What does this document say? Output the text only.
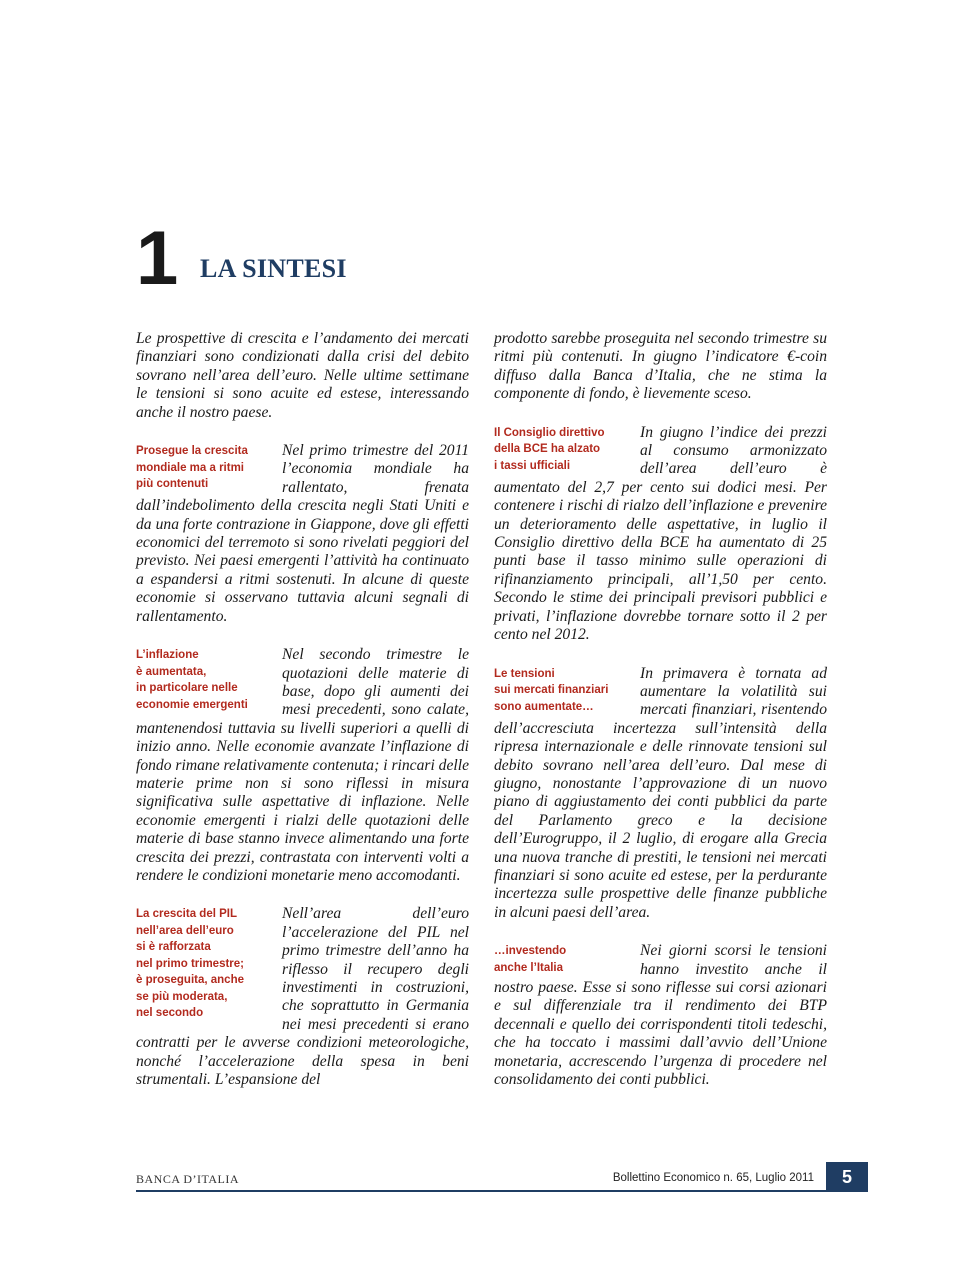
1 LA SINTESI

Le prospettive di crescita e l’andamento dei mercati finanziari sono condizionati dalla crisi del debito sovrano nell’area dell’euro. Nelle ultime settimane le tensioni si sono acuite ed estese, interessando anche il nostro paese.

Prosegue la crescita
mondiale ma a ritmi
più contenuti

Nel primo trimestre del 2011 l’economia mondiale ha rallentato, frenata dall’indebolimento della crescita negli Stati Uniti e da una forte contrazione in Giappone, dove gli effetti economici del terremoto si sono rivelati peggiori del previsto. Nei paesi emergenti l’attività ha continuato a espandersi a ritmi sostenuti. In alcune di queste economie si osservano tuttavia alcuni segnali di rallentamento.

L’inflazione
è aumentata,
in particolare nelle
economie emergenti

Nel secondo trimestre le quotazioni delle materie di base, dopo gli aumenti dei mesi precedenti, sono calate, mantenendosi tuttavia su livelli superiori a quelli di inizio anno. Nelle economie avanzate l’inflazione di fondo rimane relativamente contenuta; i rincari delle materie prime non si sono riflessi in misura significativa sulle aspettative di inflazione. Nelle economie emergenti i rialzi delle quotazioni delle materie di base stanno invece alimentando una forte crescita dei prezzi, contrastata con interventi volti a rendere le condizioni monetarie meno accomodanti.

La crescita del PIL
nell’area dell’euro
si è rafforzata
nel primo trimestre;
è proseguita, anche
se più moderata,
nel secondo

Nell’area dell’euro l’accelerazione del PIL nel primo trimestre dell’anno ha riflesso il recupero degli investimenti in costruzioni, che soprattutto in Germania nei mesi precedenti si erano contratti per le avverse condizioni meteorologiche, nonché l’accelerazione della spesa in beni strumentali. L’espansione del

prodotto sarebbe proseguita nel secondo trimestre su ritmi più contenuti. In giugno l’indicatore €-coin diffuso dalla Banca d’Italia, che ne stima la componente di fondo, è lievemente sceso.

Il Consiglio direttivo
della BCE ha alzato
i tassi ufficiali

In giugno l’indice dei prezzi al consumo armonizzato dell’area dell’euro è aumentato del 2,7 per cento sui dodici mesi. Per contenere i rischi di rialzo dell’inflazione e prevenire un deterioramento delle aspettative, in luglio il Consiglio direttivo della BCE ha aumentato di 25 punti base il tasso minimo sulle operazioni di rifinanziamento principali, all’1,50 per cento. Secondo le stime dei principali previsori pubblici e privati, l’inflazione dovrebbe tornare sotto il 2 per cento nel 2012.

Le tensioni
sui mercati finanziari
sono aumentate…

In primavera è tornata ad aumentare la volatilità sui mercati finanziari, risentendo dell’accresciuta incertezza sull’intensità della ripresa internazionale e delle rinnovate tensioni sul debito sovrano nell’area dell’euro. Dal mese di giugno, nonostante l’approvazione di un nuovo piano di aggiustamento dei conti pubblici da parte del Parlamento greco e la decisione dell’Eurogruppo, il 2 luglio, di erogare alla Grecia una nuova tranche di prestiti, le tensioni nei mercati finanziari si sono acuite ed estese, per la perdurante incertezza sulle prospettive delle finanze pubbliche in alcuni paesi dell’area.

…investendo
anche l’Italia

Nei giorni scorsi le tensioni hanno investito anche il nostro paese. Esse si sono riflesse sui corsi azionari e sul differenziale tra il rendimento dei BTP decennali e quello dei corrispondenti titoli tedeschi, che ha toccato i massimi dall’avvio dell’Unione monetaria, accrescendo l’urgenza di procedere nel consolidamento dei conti pubblici.

BANCA D’ITALIA	Bollettino Economico n. 65, Luglio 2011	5
